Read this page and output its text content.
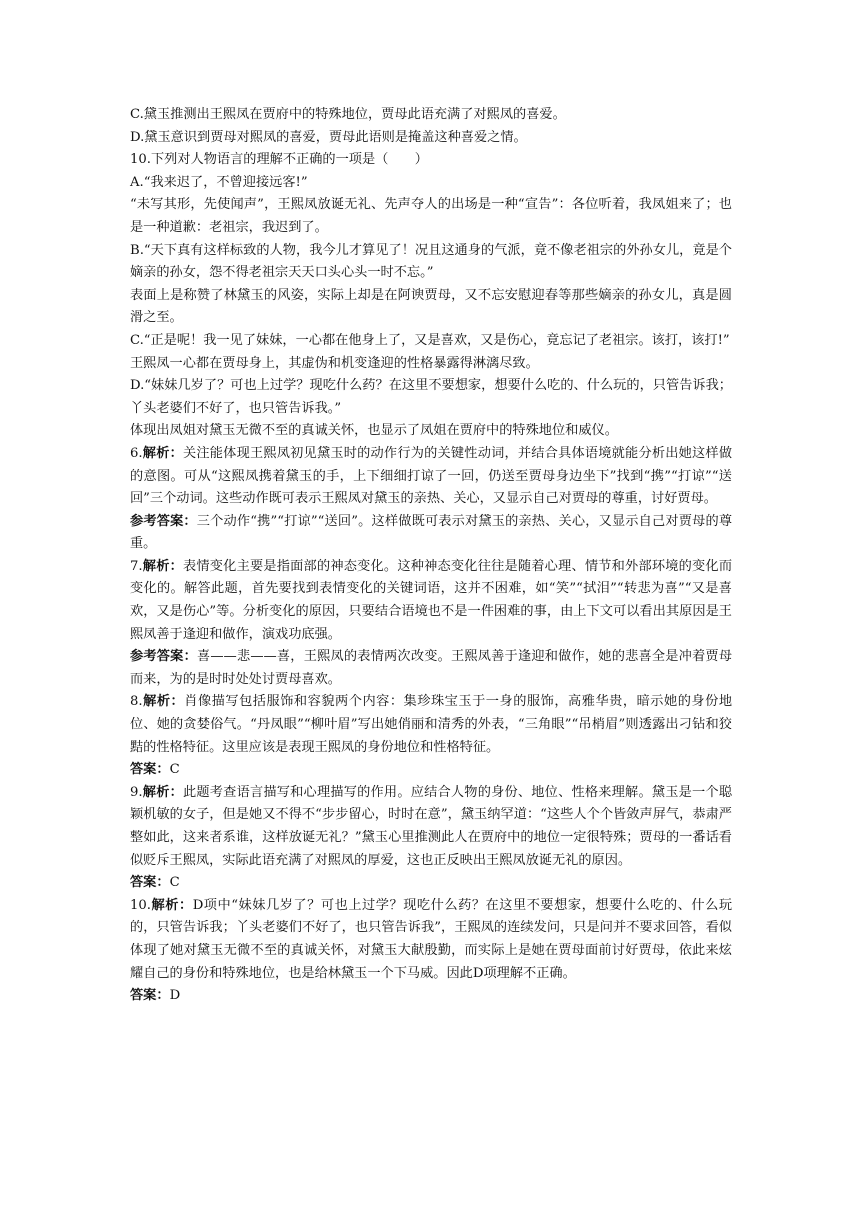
C.黛玉推测出王熙凤在贾府中的特殊地位，贾母此语充满了对熙凤的喜爱。

D.黛玉意识到贾母对熙凤的喜爱，贾母此语则是掩盖这种喜爱之情。

10.下列对人物语言的理解不正确的一项是（　　）

A.“我来迟了，不曾迎接远客!”

“未写其形，先使闻声”，王熙凤放诞无礼、先声夺人的出场是一种“宣告”：各位听着，我凤姐来了；也是一种道歉：老祖宗，我迟到了。

B.“天下真有这样标致的人物，我今儿才算见了！况且这通身的气派，竟不像老祖宗的外孙女儿，竟是个嫡亲的孙女，怨不得老祖宗天天口头心头一时不忘。”

表面上是称赞了林黛玉的风姿，实际上却是在阿谀贾母，又不忘安慰迎春等那些嫡亲的孙女儿，真是圆滑之至。

C.“正是呢！我一见了妹妹，一心都在他身上了，又是喜欢，又是伤心，竟忘记了老祖宗。该打，该打!”

王熙凤一心都在贾母身上，其虚伪和机变逢迎的性格暴露得淋漓尽致。

D.“妹妹几岁了？可也上过学？现吃什么药？在这里不要想家，想要什么吃的、什么玩的，只管告诉我；丫头老婆们不好了，也只管告诉我。”

体现出凤姐对黛玉无微不至的真诚关怀，也显示了凤姐在贾府中的特殊地位和威仪。

6.解析：关注能体现王熙凤初见黛玉时的动作行为的关键性动词，并结合具体语境就能分析出她这样做的意图。可从“这熙凤携着黛玉的手，上下细细打谅了一回，仍送至贾母身边坐下”找到“携”“打谅”“送回”三个动词。这些动作既可表示王熙凤对黛玉的亲热、关心，又显示自己对贾母的尊重，讨好贾母。

参考答案：三个动作“携”“打谅”“送回”。这样做既可表示对黛玉的亲热、关心，又显示自己对贾母的尊重。

7.解析：表情变化主要是指面部的神态变化。这种神态变化往往是随着心理、情节和外部环境的变化而变化的。解答此题，首先要找到表情变化的关键词语，这并不困难，如“笑”“拭泪”“转悲为喜”“又是喜欢，又是伤心”等。分析变化的原因，只要结合语境也不是一件困难的事，由上下文可以看出其原因是王熙凤善于逢迎和做作，演戏功底强。

参考答案：喜——悲——喜，王熙凤的表情两次改变。王熙凤善于逢迎和做作，她的悲喜全是冲着贾母而来，为的是时时处处讨贾母喜欢。

8.解析：肖像描写包括服饰和容貌两个内容：集珍珠宝玉于一身的服饰，高雅华贵，暗示她的身份地位、她的贪婪俗气。“丹凤眼”“柳叶眉”写出她俏丽和清秀的外表，“三角眼”“吊梢眉”则透露出刁钻和狡黠的性格特征。这里应该是表现王熙凤的身份地位和性格特征。

答案：C

9.解析：此题考查语言描写和心理描写的作用。应结合人物的身份、地位、性格来理解。黛玉是一个聪颖机敏的女子，但是她又不得不“步步留心，时时在意”，黛玉纳罕道：“这些人个个皆敛声屏气，恭肃严整如此，这来者系谁，这样放诞无礼？”黛玉心里推测此人在贾府中的地位一定很特殊；贾母的一番话看似贬斥王熙凤，实际此语充满了对熙凤的厚爱，这也正反映出王熙凤放诞无礼的原因。

答案：C

10.解析：D项中“妹妹几岁了？可也上过学？现吃什么药？在这里不要想家，想要什么吃的、什么玩的，只管告诉我；丫头老婆们不好了，也只管告诉我”，王熙凤的连续发问，只是问并不要求回答，看似体现了她对黛玉无微不至的真诚关怀，对黛玉大献殷勤，而实际上是她在贾母面前讨好贾母，依此来炫耀自己的身份和特殊地位，也是给林黛玉一个下马威。因此D项理解不正确。

答案：D
